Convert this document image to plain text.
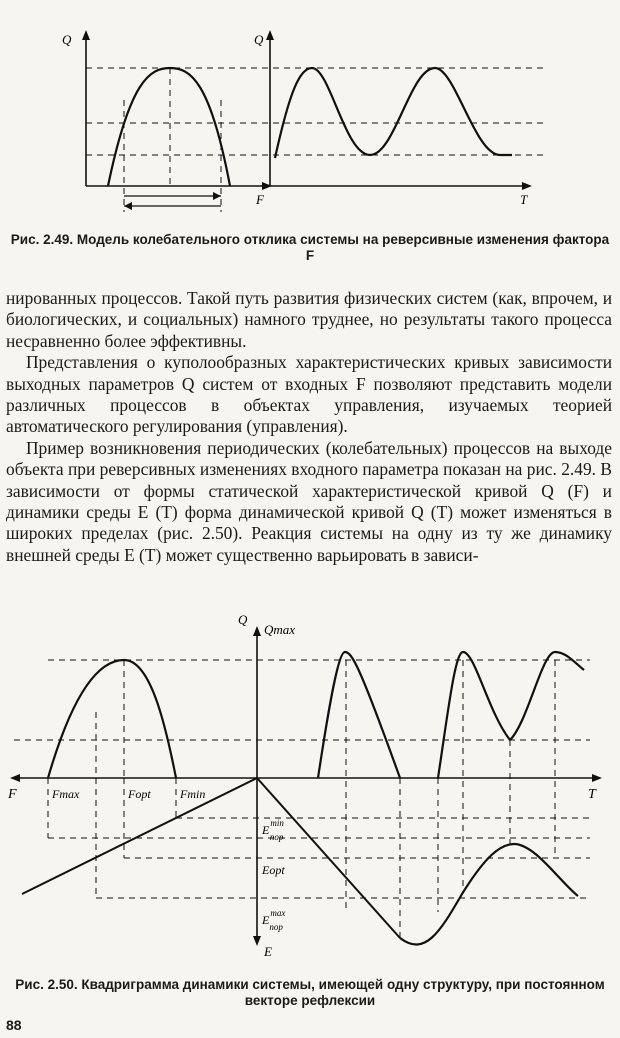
Q
F
Q
T
Рис. 2.49. Модель колебательного отклика системы на реверсивные изменения фактора F

нированных процессов. Такой путь развития физических систем (как, впрочем, и биологических, и социальных) намного труднее, но результаты такого процесса несравненно более эффективны.

Представления о куполообразных характеристических кривых зависимости выходных параметров Q систем от входных F позволяют представить модели различных процессов в объектах управления, изучаемых теорией автоматического регулирования (управления).

Пример возникновения периодических (колебательных) процессов на выходе объекта при реверсивных изменениях входного параметра показан на рис. 2.49. В зависимости от формы статической характеристической кривой Q (F) и динамики среды E (T) форма динамической кривой Q (T) может изменяться в широких пределах (рис. 2.50). Реакция системы на одну из ту же динамику внешней среды E (T) может существенно варьировать в зависи-

Q
Qmax
F	T
E
Fmax	Fopt Fmin
$E^{min}$ пор
Eopt
$E^{max}$ пор
Рис. 2.50. Квадриграмма динамики системы, имеющей одну структуру, при постоянном векторе рефлексии
88
